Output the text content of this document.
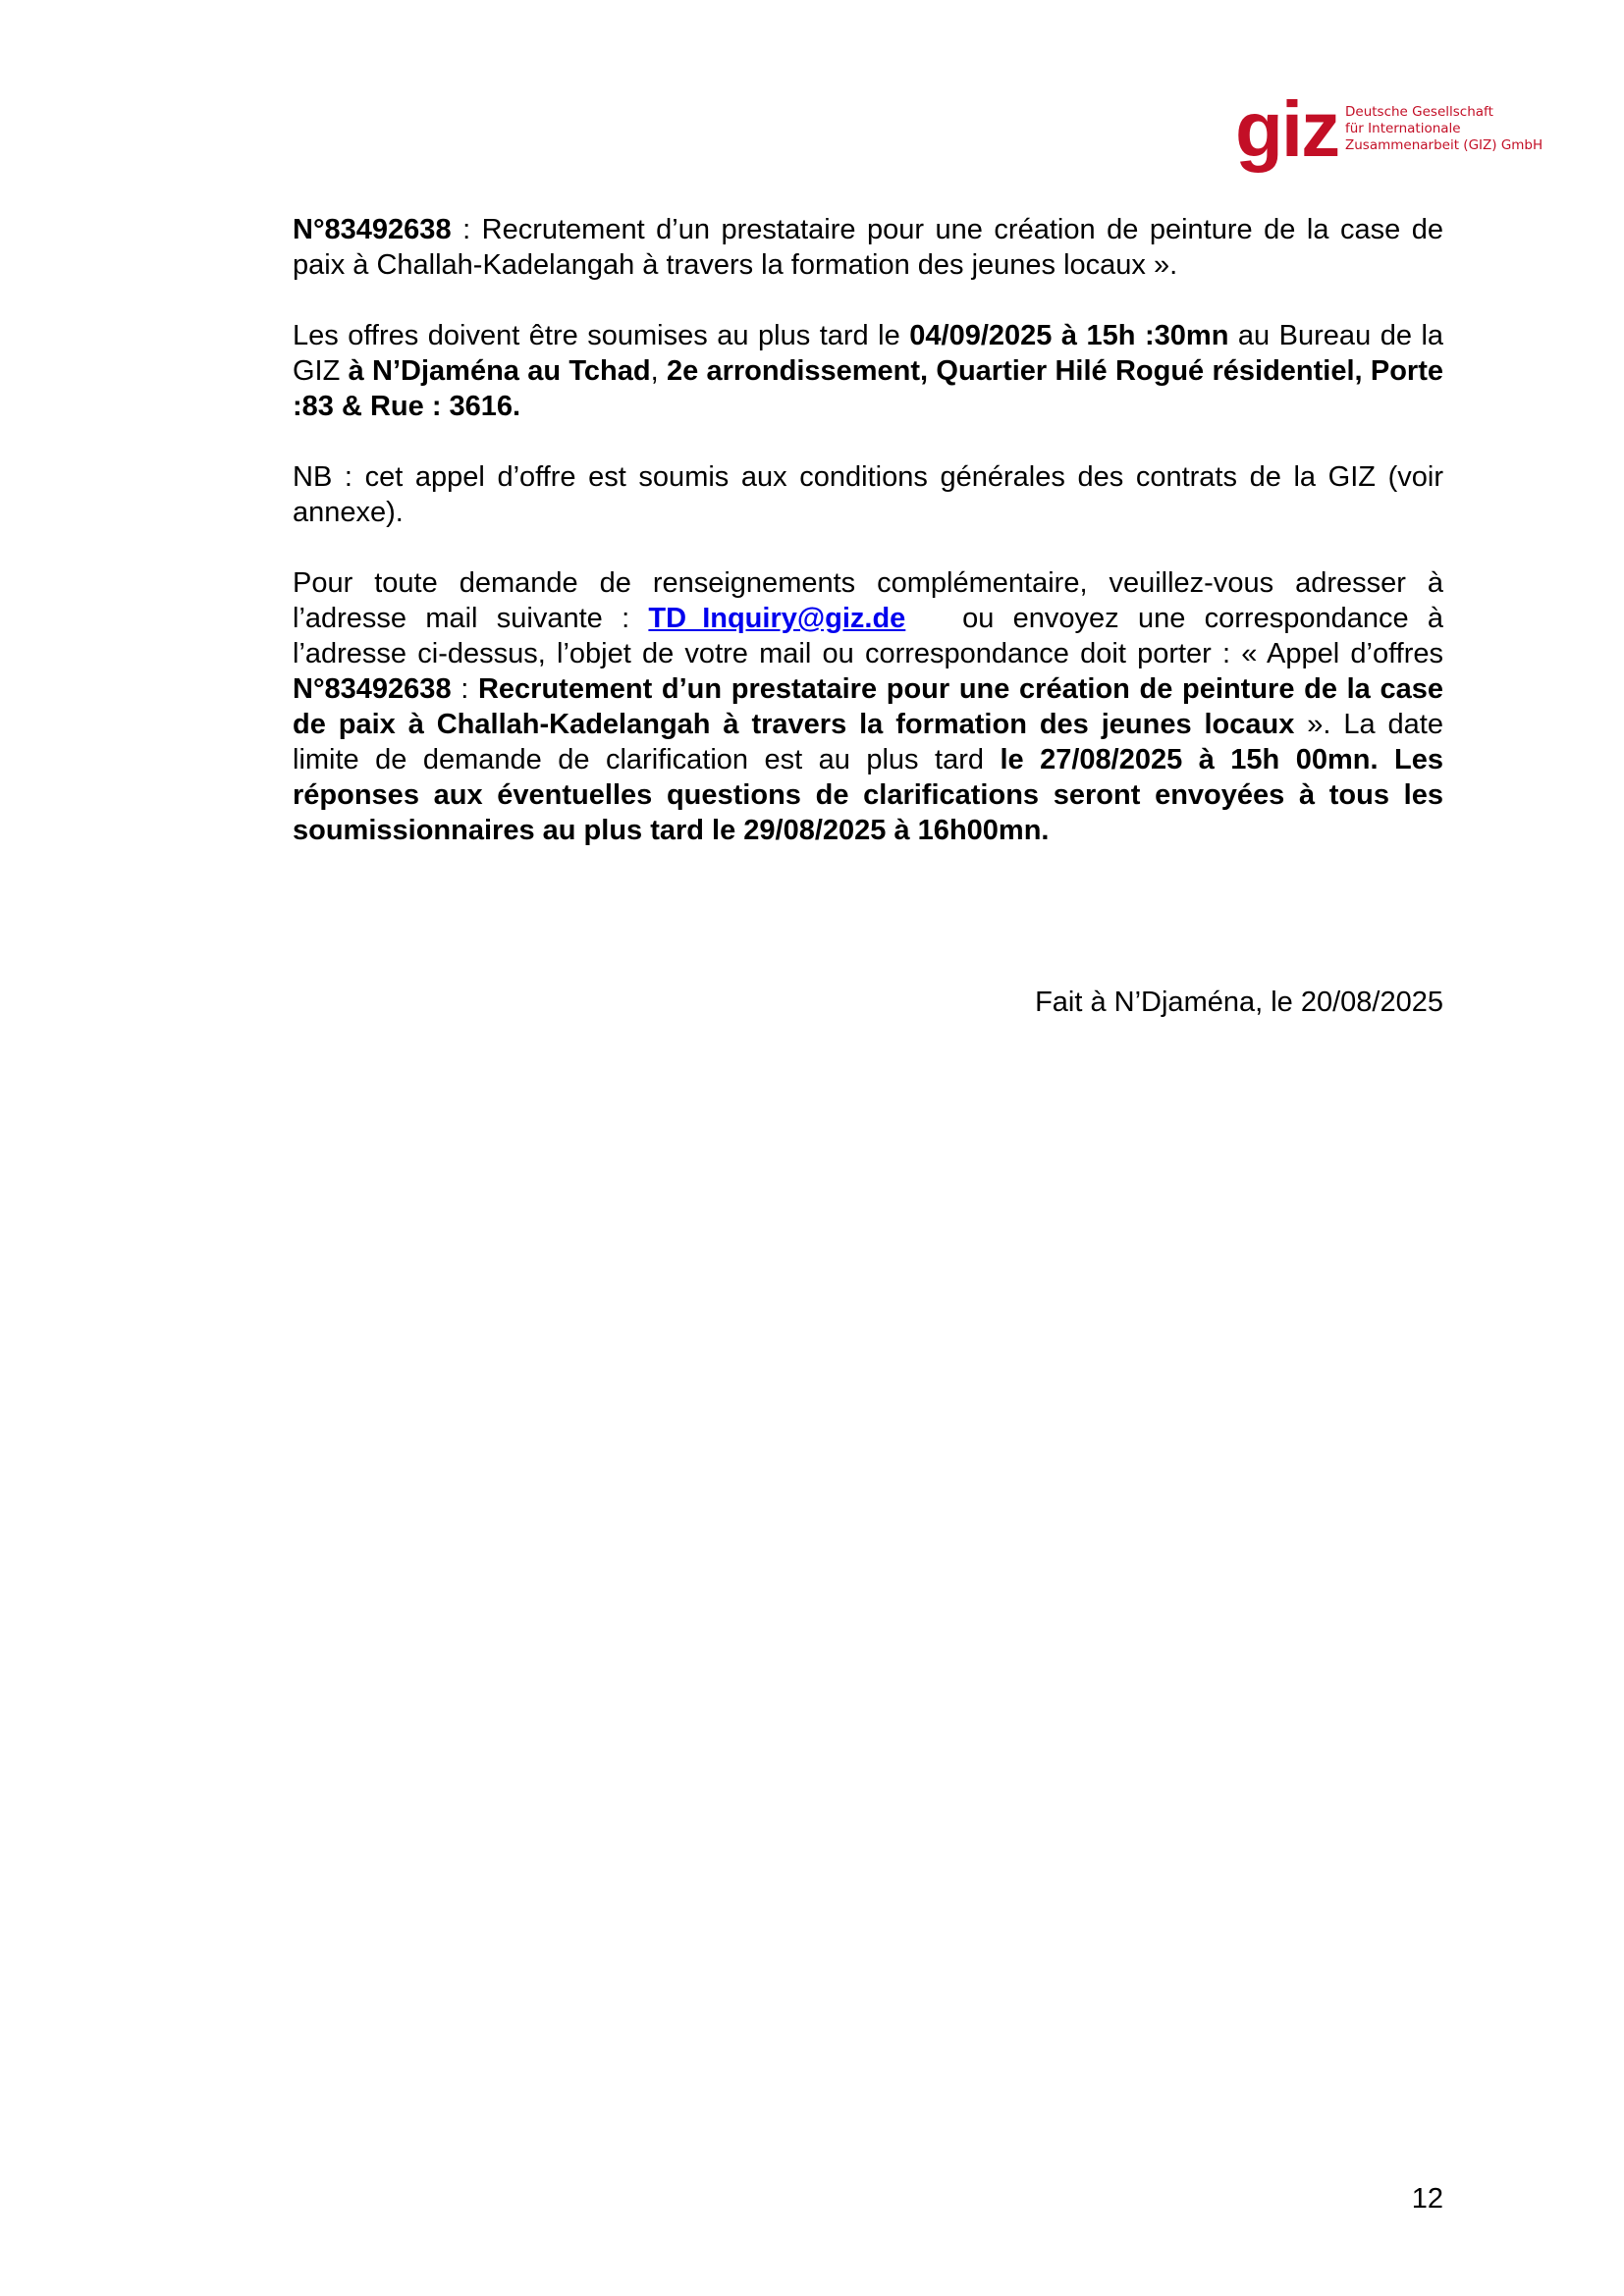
giz Deutsche Gesellschaft
für Internationale
Zusammenarbeit (GIZ) GmbH

N°83492638 : Recrutement d’un prestataire pour une création de peinture de la case de paix à Challah-Kadelangah à travers la formation des jeunes locaux ».

Les offres doivent être soumises au plus tard le 04/09/2025 à 15h :30mn au Bureau de la GIZ à N’Djaména au Tchad, 2e arrondissement, Quartier Hilé Rogué résidentiel, Porte :83 & Rue : 3616.

NB : cet appel d’offre est soumis aux conditions générales des contrats de la GIZ (voir annexe).

Pour toute demande de renseignements complémentaire, veuillez-vous adresser à l’adresse mail suivante : TD_Inquiry@giz.de   ou envoyez une correspondance à l’adresse ci-dessus, l’objet de votre mail ou correspondance doit porter : « Appel d’offres N°83492638 : Recrutement d’un prestataire pour une création de peinture de la case de paix à Challah-Kadelangah à travers la formation des jeunes locaux ». La date limite de demande de clarification est au plus tard le 27/08/2025 à 15h 00mn. Les réponses aux éventuelles questions de clarifications seront envoyées à tous les soumissionnaires au plus tard le 29/08/2025 à 16h00mn.

Fait à N’Djaména, le 20/08/2025
12
